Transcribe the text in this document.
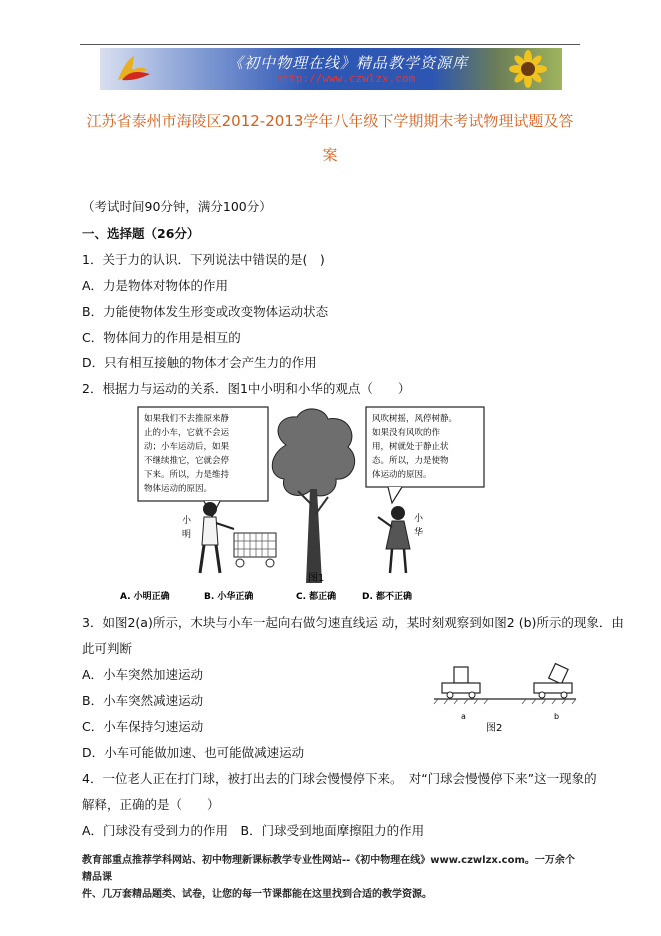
《初中物理在线》精品教学资源库
http://www.czwlzx.com
江苏省泰州市海陵区2012-2013学年八年级下学期期末考试物理试题及答
案
（考试时间90分钟，满分100分）
一、选择题（26分）
1．关于力的认识．下列说法中错误的是(　)
A．力是物体对物体的作用
B．力能使物体发生形变或改变物体运动状态
C．物体间力的作用是相互的
D．只有相互接触的物体才会产生力的作用
2．根据力与运动的关系．图1中小明和小华的观点（　　）
如果我们不去推原来静
止的小车，它就不会运
动；小车运动后，如果
不继续推它，它就会停
下来。所以，力是维持
物体运动的原因。
风吹树摇，风停树静。
如果没有风吹的作
用，树就处于静止状
态。所以，力是使物
体运动的原因。
小
明
小
华
图1
A. 小明正确	B. 小华正确	C. 都正确	D. 都不正确
3．如图2(a)所示，木块与小车一起向右做匀速直线运 动，某时刻观察到如图2 (b)所示的现象．由
此可判断
A．小车突然加速运动
B．小车突然减速运动
C．小车保持匀速运动
D．小车可能做加速、也可能做减速运动
a	b
图2
4．一位老人正在打门球，被打出去的门球会慢慢停下来。　对“门球会慢慢停下来”这一现象的
解释，正确的是（　　）
A．门球没有受到力的作用　B．门球受到地面摩擦阻力的作用
教育部重点推荐学科网站、初中物理新课标教学专业性网站--《初中物理在线》www.czwlzx.com。一万余个精品课
件、几万套精品题类、试卷，让您的每一节课都能在这里找到合适的教学资源。
